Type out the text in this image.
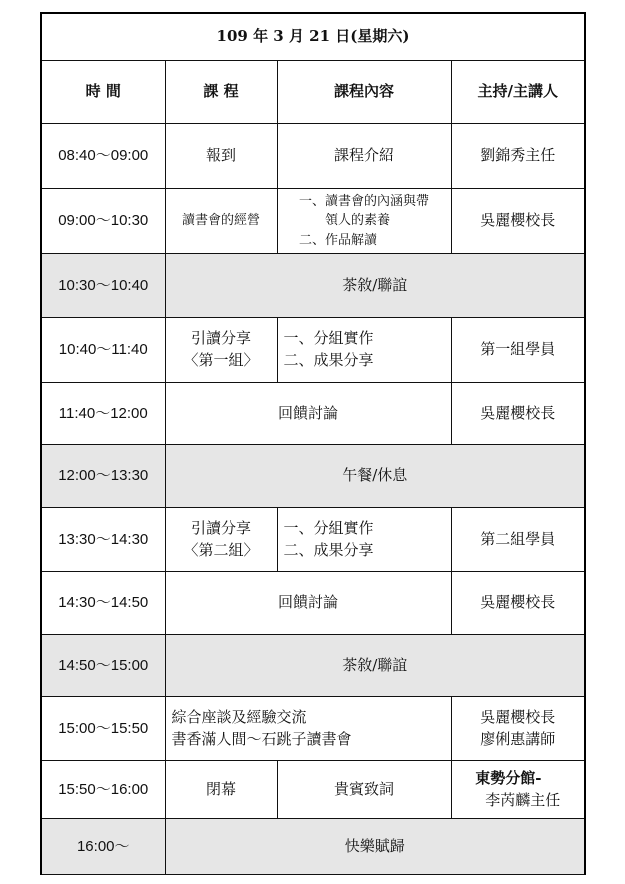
109 年 3 月 21 日(星期六)			
時 間	課 程	課程內容	主持/主講人
08:40～09:00	報到	課程介紹	劉錦秀主任
09:00～10:30	讀書會的經營	一、讀書會的內涵與帶
領人的素養
二、作品解讀	吳麗櫻校長
10:30～10:40	茶敘/聯誼		
10:40～11:40	引讀分享
〈第一組〉	一、分組實作
二、成果分享	第一組學員
11:40～12:00	回饋討論		吳麗櫻校長
12:00～13:30	午餐/休息		
13:30～14:30	引讀分享
〈第二組〉	一、分組實作
二、成果分享	第二組學員
14:30～14:50	回饋討論		吳麗櫻校長
14:50～15:00	茶敘/聯誼		
15:00～15:50	綜合座談及經驗交流
書香滿人間～石跳子讀書會		吳麗櫻校長
廖俐惠講師

15:50～16:00	閉幕	貴賓致詞	東勢分館-
李芮麟主任

16:00～	快樂賦歸		
